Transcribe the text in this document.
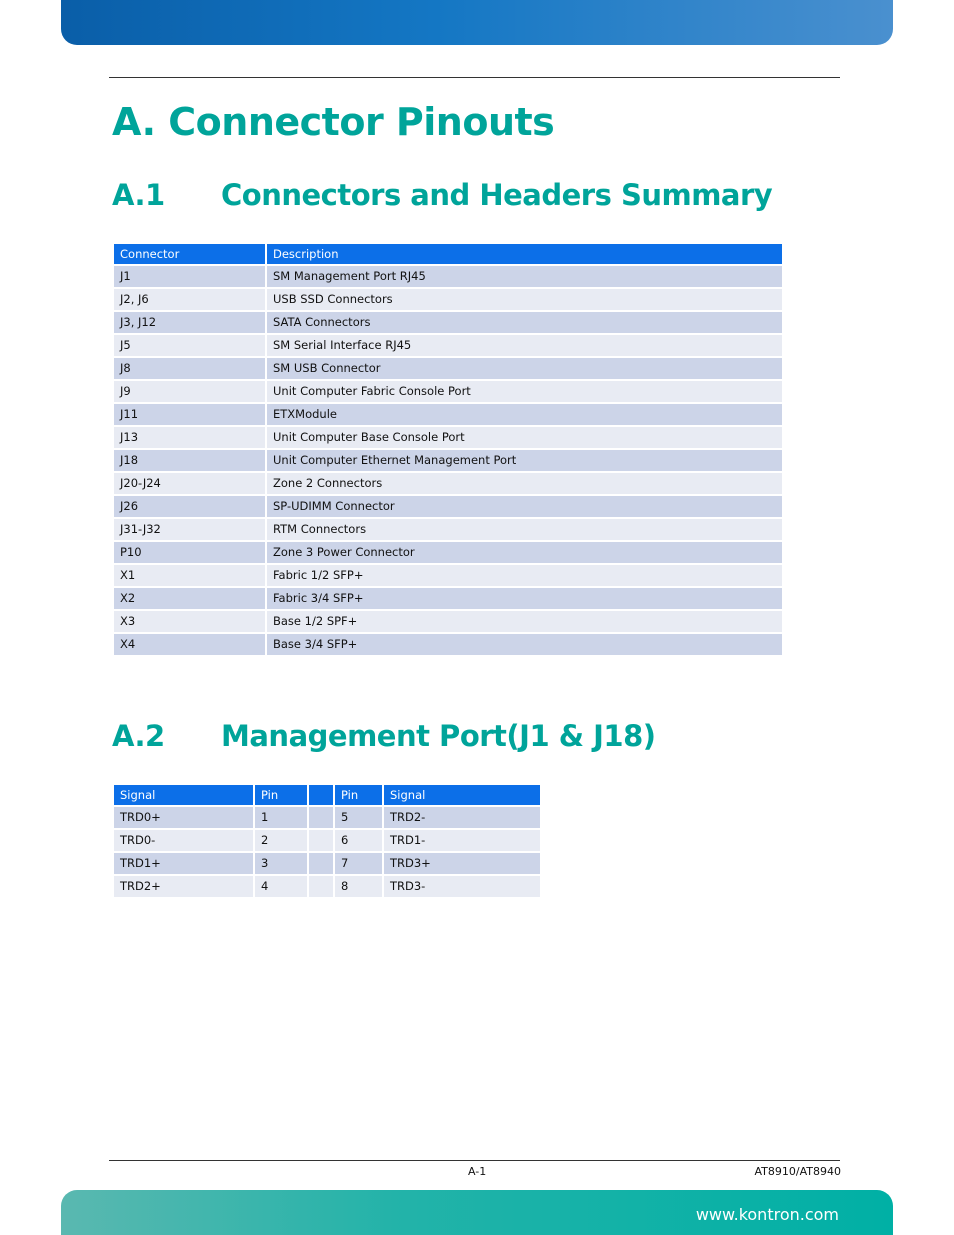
A. Connector Pinouts
A.1 Connectors and Headers Summary
Connector	Description
J1	SM Management Port RJ45
J2, J6	USB SSD Connectors
J3, J12	SATA Connectors
J5	SM Serial Interface RJ45
J8	SM USB Connector
J9	Unit Computer Fabric Console Port
J11	ETXModule
J13	Unit Computer Base Console Port
J18	Unit Computer Ethernet Management Port
J20-J24	Zone 2 Connectors
J26	SP-UDIMM Connector
J31-J32	RTM Connectors
P10	Zone 3 Power Connector
X1	Fabric 1/2 SFP+
X2	Fabric 3/4 SFP+
X3	Base 1/2 SPF+
X4	Base 3/4 SFP+
A.2 Management Port(J1 & J18)
Signal	Pin		Pin	Signal
TRD0+	1		5	TRD2-
TRD0-	2		6	TRD1-
TRD1+	3		7	TRD3+
TRD2+	4		8	TRD3-
A-1	AT8910/AT8940
www.kontron.com
